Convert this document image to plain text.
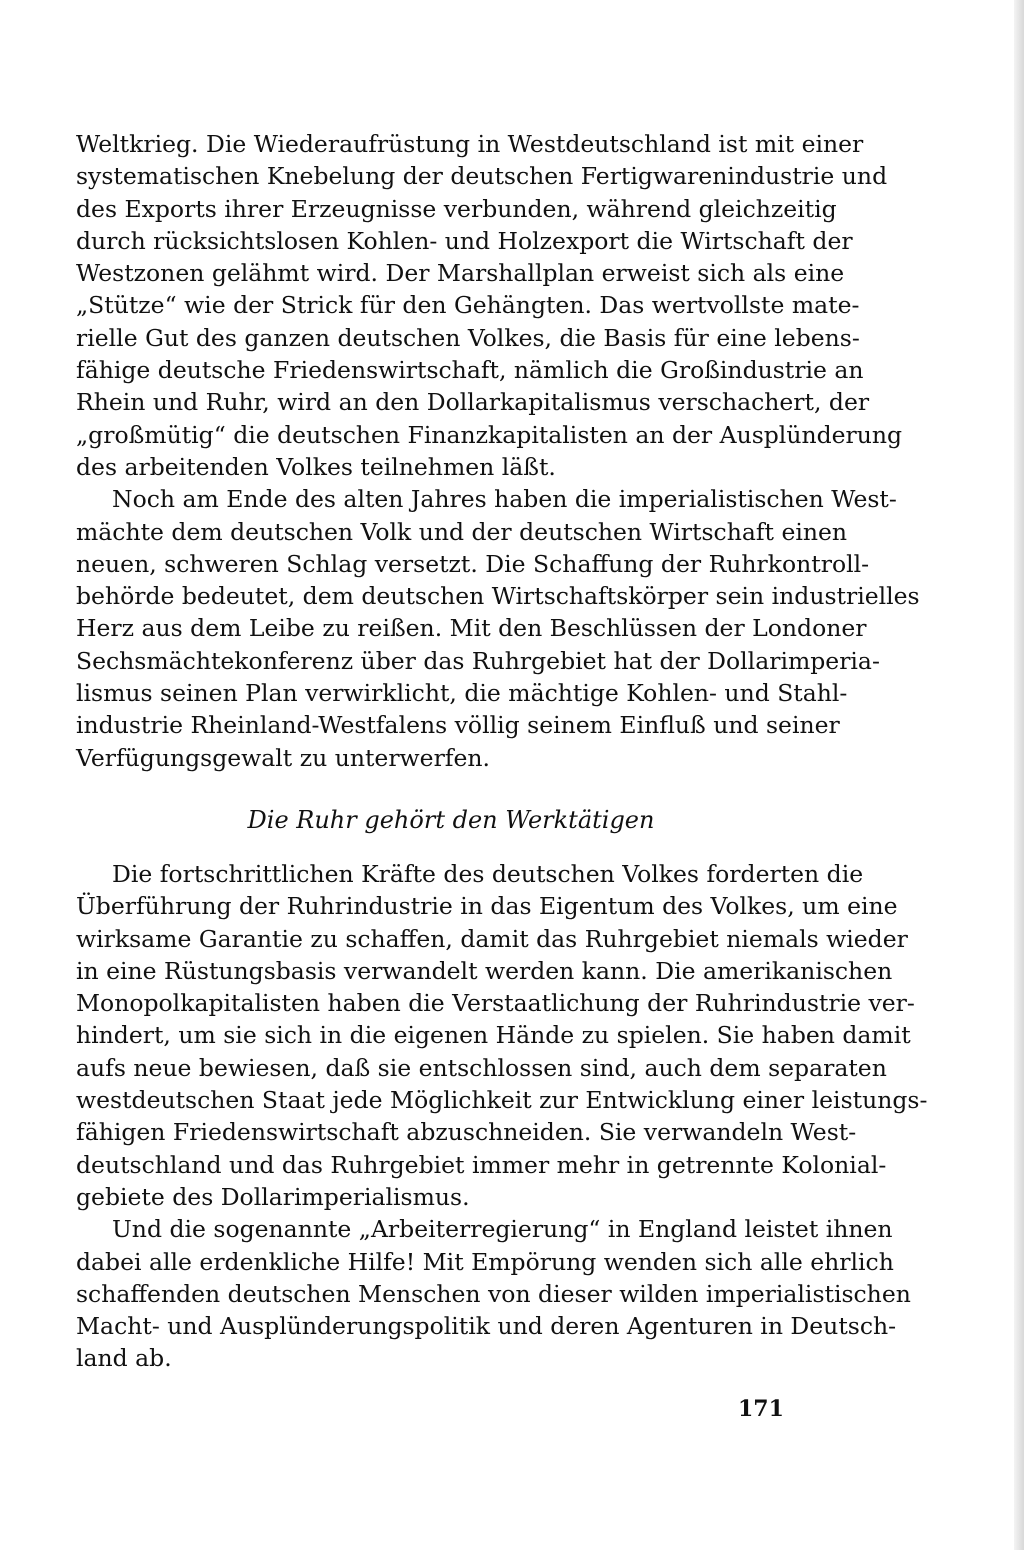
Weltkrieg. Die Wiederaufrüstung in Westdeutschland ist mit einer
systematischen Knebelung der deutschen Fertigwarenindustrie und
des Exports ihrer Erzeugnisse verbunden, während gleichzeitig
durch rücksichtslosen Kohlen- und Holzexport die Wirtschaft der
Westzonen gelähmt wird. Der Marshallplan erweist sich als eine
„Stütze“ wie der Strick für den Gehängten. Das wertvollste mate-
rielle Gut des ganzen deutschen Volkes, die Basis für eine lebens-
fähige deutsche Friedenswirtschaft, nämlich die Großindustrie an
Rhein und Ruhr, wird an den Dollarkapitalismus verschachert, der
„großmütig“ die deutschen Finanzkapitalisten an der Ausplünderung
des arbeitenden Volkes teilnehmen läßt.
Noch am Ende des alten Jahres haben die imperialistischen West-
mächte dem deutschen Volk und der deutschen Wirtschaft einen
neuen, schweren Schlag versetzt. Die Schaffung der Ruhrkontroll-
behörde bedeutet, dem deutschen Wirtschaftskörper sein industrielles
Herz aus dem Leibe zu reißen. Mit den Beschlüssen der Londoner
Sechsmächtekonferenz über das Ruhrgebiet hat der Dollarimperia-
lismus seinen Plan verwirklicht, die mächtige Kohlen- und Stahl-
industrie Rheinland-Westfalens völlig seinem Einfluß und seiner
Verfügungsgewalt zu unterwerfen.
Die Ruhr gehört den Werktätigen
Die fortschrittlichen Kräfte des deutschen Volkes forderten die
Überführung der Ruhrindustrie in das Eigentum des Volkes, um eine
wirksame Garantie zu schaffen, damit das Ruhrgebiet niemals wieder
in eine Rüstungsbasis verwandelt werden kann. Die amerikanischen
Monopolkapitalisten haben die Verstaatlichung der Ruhrindustrie ver-
hindert, um sie sich in die eigenen Hände zu spielen. Sie haben damit
aufs neue bewiesen, daß sie entschlossen sind, auch dem separaten
westdeutschen Staat jede Möglichkeit zur Entwicklung einer leistungs-
fähigen Friedenswirtschaft abzuschneiden. Sie verwandeln West-
deutschland und das Ruhrgebiet immer mehr in getrennte Kolonial-
gebiete des Dollarimperialismus.
Und die sogenannte „Arbeiterregierung“ in England leistet ihnen
dabei alle erdenkliche Hilfe! Mit Empörung wenden sich alle ehrlich
schaffenden deutschen Menschen von dieser wilden imperialistischen
Macht- und Ausplünderungspolitik und deren Agenturen in Deutsch-
land ab.
171
